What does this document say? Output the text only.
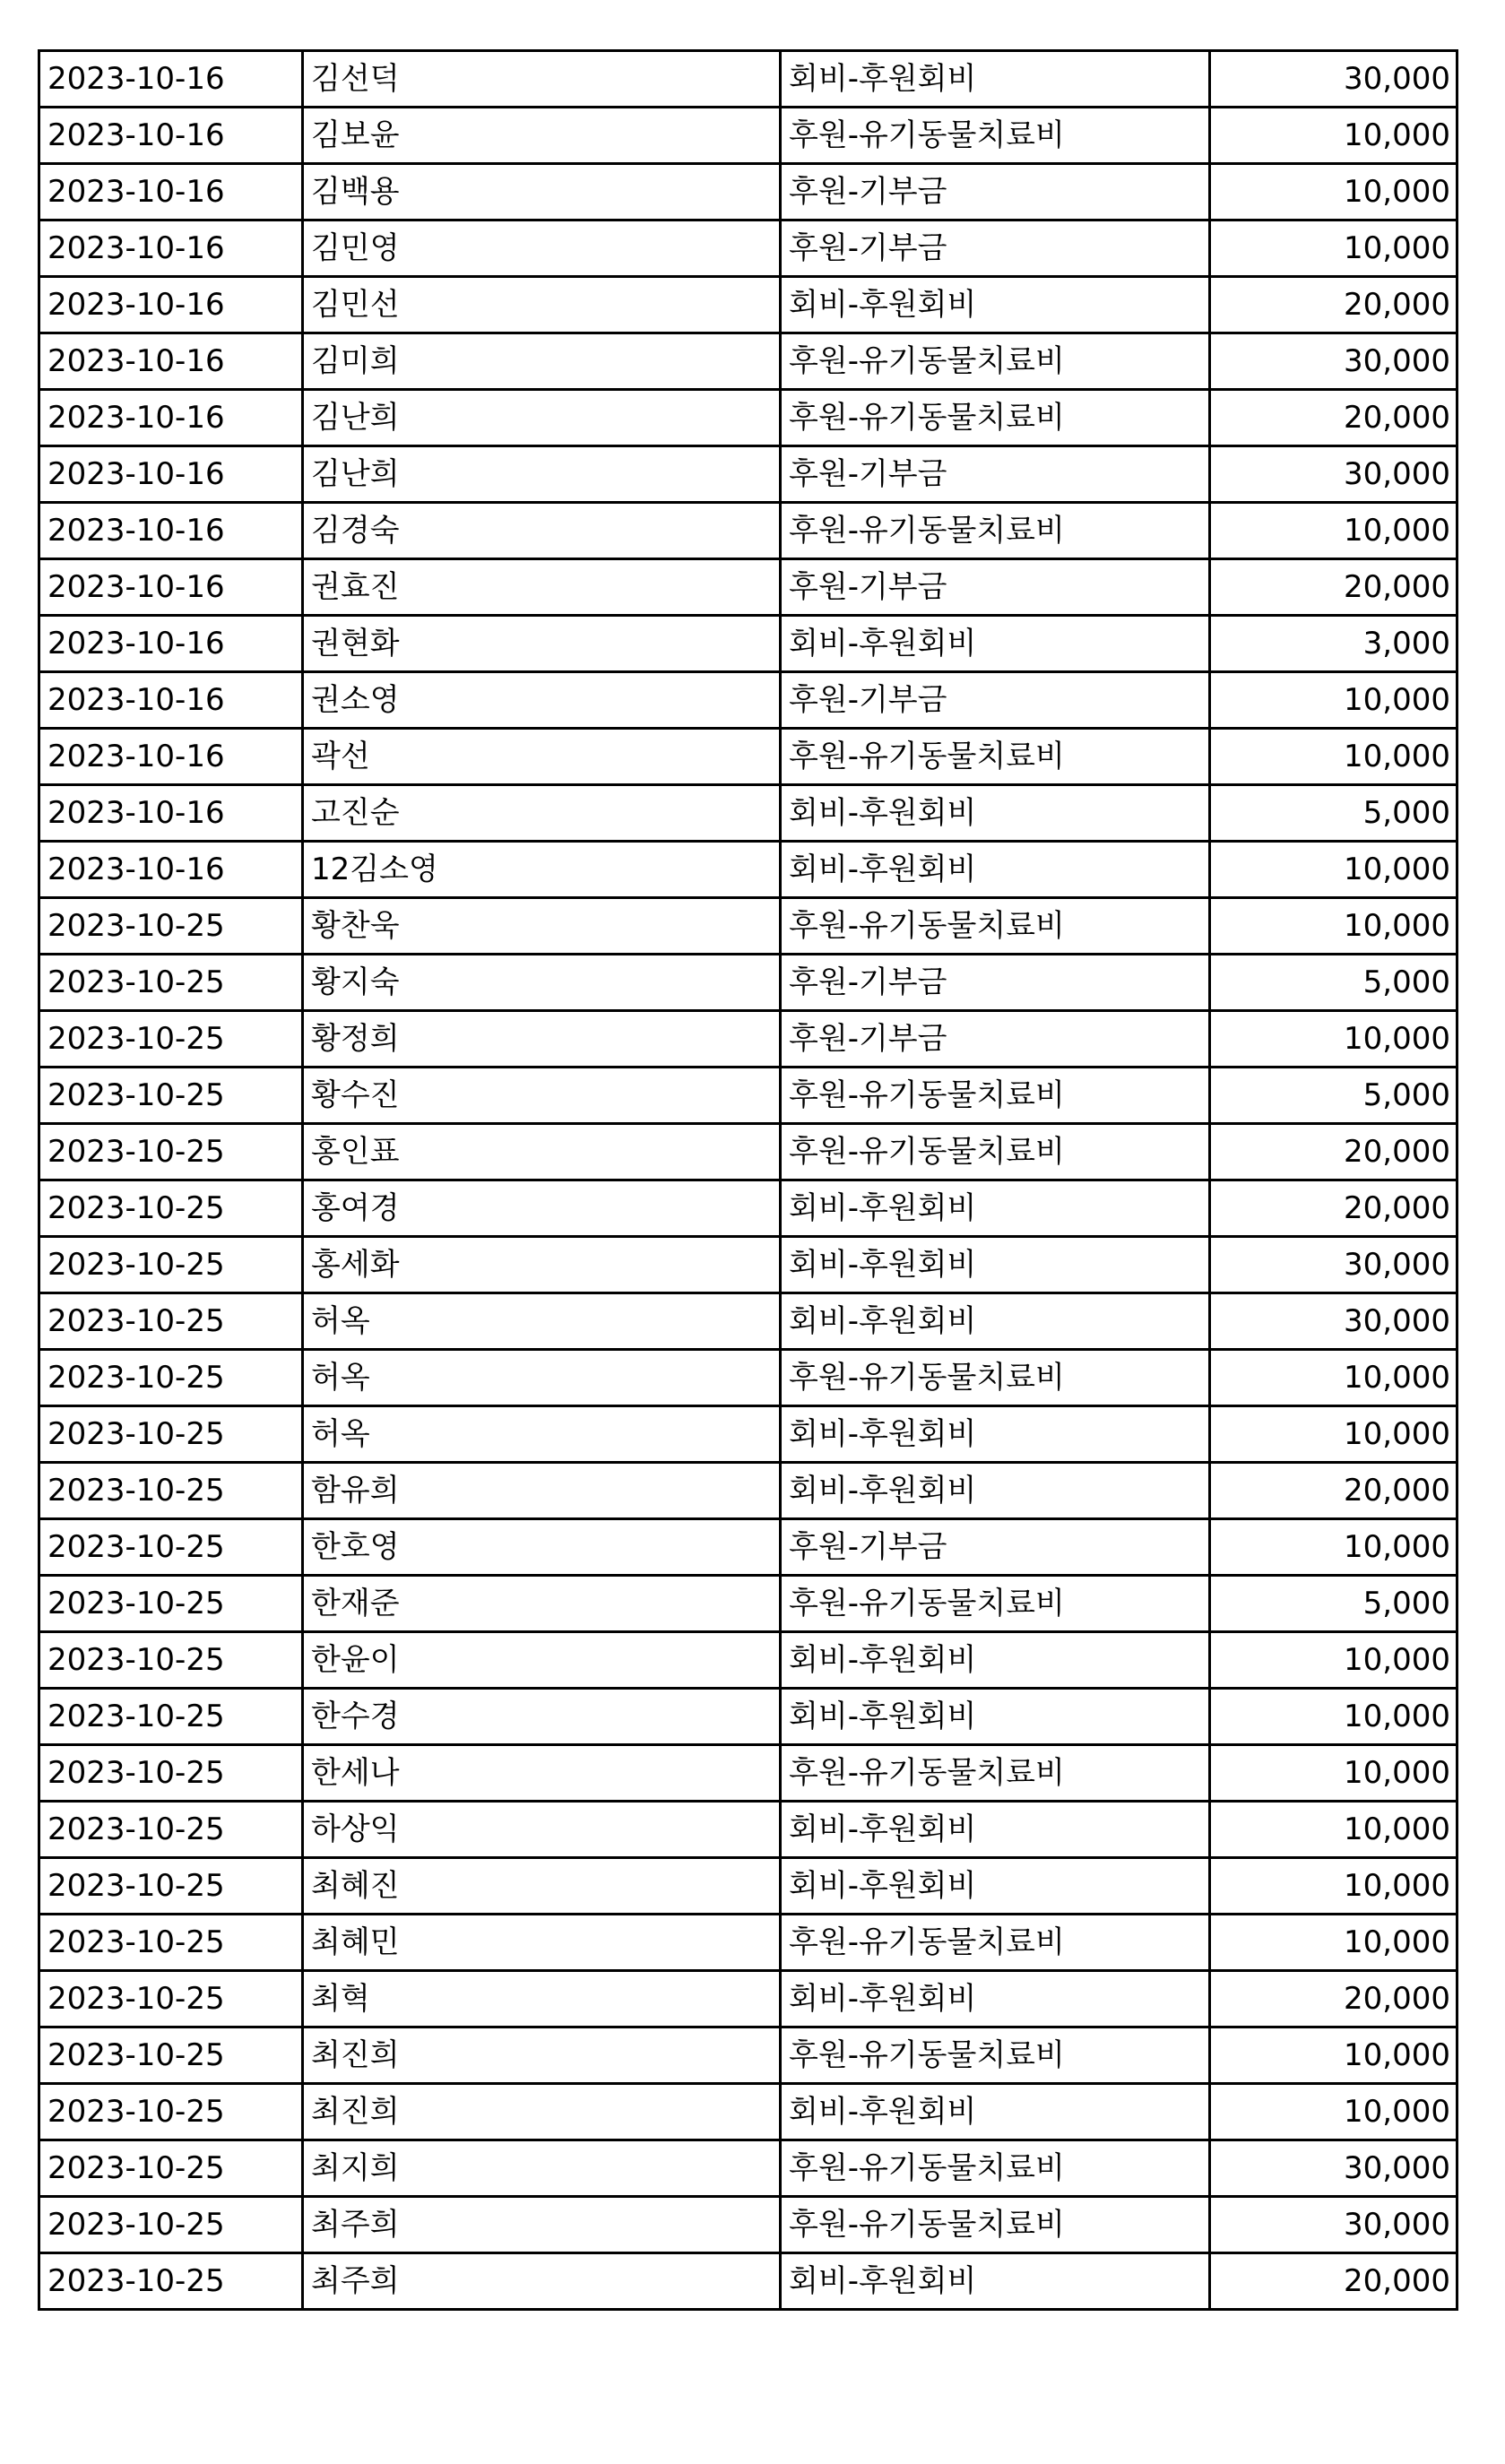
2023-10-16	김선덕	회비-후원회비	30,000
2023-10-16	김보윤	후원-유기동물치료비	10,000
2023-10-16	김백용	후원-기부금	10,000
2023-10-16	김민영	후원-기부금	10,000
2023-10-16	김민선	회비-후원회비	20,000
2023-10-16	김미희	후원-유기동물치료비	30,000
2023-10-16	김난희	후원-유기동물치료비	20,000
2023-10-16	김난희	후원-기부금	30,000
2023-10-16	김경숙	후원-유기동물치료비	10,000
2023-10-16	권효진	후원-기부금	20,000
2023-10-16	권현화	회비-후원회비	3,000
2023-10-16	권소영	후원-기부금	10,000
2023-10-16	곽선	후원-유기동물치료비	10,000
2023-10-16	고진순	회비-후원회비	5,000
2023-10-16	12김소영	회비-후원회비	10,000
2023-10-25	황찬욱	후원-유기동물치료비	10,000
2023-10-25	황지숙	후원-기부금	5,000
2023-10-25	황정희	후원-기부금	10,000
2023-10-25	황수진	후원-유기동물치료비	5,000
2023-10-25	홍인표	후원-유기동물치료비	20,000
2023-10-25	홍여경	회비-후원회비	20,000
2023-10-25	홍세화	회비-후원회비	30,000
2023-10-25	허옥	회비-후원회비	30,000
2023-10-25	허옥	후원-유기동물치료비	10,000
2023-10-25	허옥	회비-후원회비	10,000
2023-10-25	함유희	회비-후원회비	20,000
2023-10-25	한호영	후원-기부금	10,000
2023-10-25	한재준	후원-유기동물치료비	5,000
2023-10-25	한윤이	회비-후원회비	10,000
2023-10-25	한수경	회비-후원회비	10,000
2023-10-25	한세나	후원-유기동물치료비	10,000
2023-10-25	하상익	회비-후원회비	10,000
2023-10-25	최혜진	회비-후원회비	10,000
2023-10-25	최혜민	후원-유기동물치료비	10,000
2023-10-25	최혁	회비-후원회비	20,000
2023-10-25	최진희	후원-유기동물치료비	10,000
2023-10-25	최진희	회비-후원회비	10,000
2023-10-25	최지희	후원-유기동물치료비	30,000
2023-10-25	최주희	후원-유기동물치료비	30,000
2023-10-25	최주희	회비-후원회비	20,000
